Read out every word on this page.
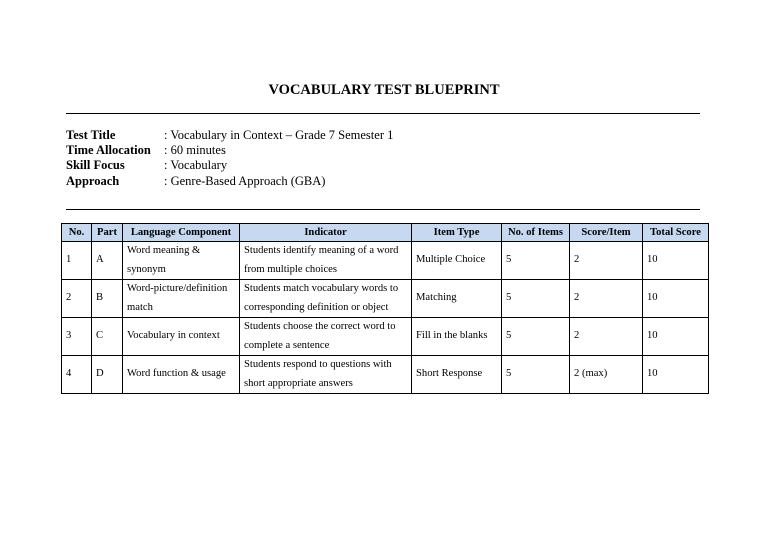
VOCABULARY TEST BLUEPRINT
Test Title	: Vocabulary in Context – Grade 7 Semester 1
Time Allocation	: 60 minutes
Skill Focus	: Vocabulary
Approach	: Genre-Based Approach (GBA)
No.	Part	Language Component	Indicator	Item Type	No. of Items	Score/Item	Total Score
1	A	Word meaning & synonym	Students identify meaning of a word from multiple choices	Multiple Choice	5	2	10
2	B	Word-picture/definition match	Students match vocabulary words to corresponding definition or object	Matching	5	2	10
3	C	Vocabulary in context	Students choose the correct word to complete a sentence	Fill in the blanks	5	2	10
4	D	Word function & usage	Students respond to questions with short appropriate answers	Short Response	5	2 (max)	10
